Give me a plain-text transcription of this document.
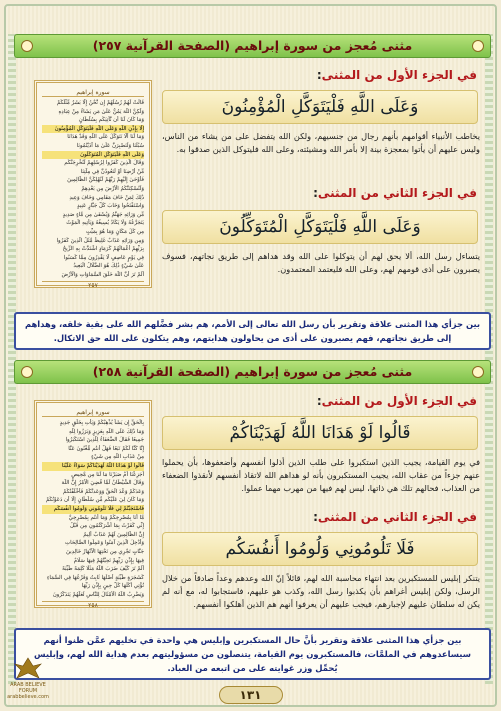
مثنى مُعجز من سورة إبراهيم (الصفحة القرآنية ٢٥٧)
سورة إبراهيم
قَالَتْ لَهُمْ رُسُلُهُمْ إِن نَّحْنُ إِلَّا بَشَرٌ مِّثْلُكُمْ
وَلَٰكِنَّ اللَّهَ يَمُنُّ عَلَىٰ مَن يَشَاءُ مِنْ عِبَادِهِ
وَمَا كَانَ لَنَا أَن نَّأْتِيَكُم بِسُلْطَانٍ
إِلَّا بِإِذْنِ اللَّهِ وَعَلَى اللَّهِ فَلْيَتَوَكَّلِ الْمُؤْمِنُونَ
وَمَا لَنَا أَلَّا نَتَوَكَّلَ عَلَى اللَّهِ وَقَدْ هَدَانَا
سُبُلَنَا وَلَنَصْبِرَنَّ عَلَىٰ مَا آذَيْتُمُونَا
وَعَلَى اللَّهِ فَلْيَتَوَكَّلِ الْمُتَوَكِّلُونَ
وَقَالَ الَّذِينَ كَفَرُوا لِرُسُلِهِمْ لَنُخْرِجَنَّكُم
مِّنْ أَرْضِنَا أَوْ لَتَعُودُنَّ فِي مِلَّتِنَا
فَأَوْحَىٰ إِلَيْهِمْ رَبُّهُمْ لَنُهْلِكَنَّ الظَّالِمِينَ
وَلَنُسْكِنَنَّكُمُ الْأَرْضَ مِن بَعْدِهِمْ
ذَٰلِكَ لِمَنْ خَافَ مَقَامِي وَخَافَ وَعِيدِ
وَاسْتَفْتَحُوا وَخَابَ كُلُّ جَبَّارٍ عَنِيدٍ
مِّن وَرَائِهِ جَهَنَّمُ وَيُسْقَىٰ مِن مَّاءٍ صَدِيدٍ
يَتَجَرَّعُهُ وَلَا يَكَادُ يُسِيغُهُ وَيَأْتِيهِ الْمَوْتُ
مِن كُلِّ مَكَانٍ وَمَا هُوَ بِمَيِّتٍ
وَمِن وَرَائِهِ عَذَابٌ غَلِيظٌ مَّثَلُ الَّذِينَ كَفَرُوا
بِرَبِّهِمْ أَعْمَالُهُمْ كَرَمَادٍ اشْتَدَّتْ بِهِ الرِّيحُ
فِي يَوْمٍ عَاصِفٍ لَّا يَقْدِرُونَ مِمَّا كَسَبُوا
عَلَىٰ شَيْءٍ ذَٰلِكَ هُوَ الضَّلَالُ الْبَعِيدُ
أَلَمْ تَرَ أَنَّ اللَّهَ خَلَقَ السَّمَاوَاتِ وَالْأَرْضَ
٢٥٧
في الجزء الأول من المثنى:
وَعَلَى اللَّهِ فَلْيَتَوَكَّلِ الْمُؤْمِنُونَ
يخاطب الأنبياء أقوامهم بأنهم رجال من جنسيهم، ولكن الله يتفضل على من يشاء من الناس، وليس عليهم أن يأتوا بمعجزة بينة إلا بأمر الله ومشيئته، وعلى الله فليتوكل الذين صدقوا به.
في الجزء الثاني من المثنى:
وَعَلَى اللَّهِ فَلْيَتَوَكَّلِ الْمُتَوَكِّلُونَ
يتساءل رسل الله، ألا يحق لهم أن يتوكلوا على الله وقد هداهم إلى طريق نجاتهم، فسوف يصبرون على أذى قومهم لهم، وعلى الله فليعتمد المعتمدون.
بين جزأي هذا المثنى علاقة وتقرير بأن رسل الله تعالى إلى الأمم، هم بشر فضَّلهم الله على بقية خلقه، وهداهم إلى طريق نجاتهم، فهم يصبرون على أذى من يحاولون هدايتهم، وهم يتكلون على الله حق الاتكال.
مثنى مُعجز من سورة إبراهيم (الصفحة القرآنية ٢٥٨)
سورة إبراهيم
بِالْحَقِّ إِن يَشَأْ يُذْهِبْكُمْ وَيَأْتِ بِخَلْقٍ جَدِيدٍ
وَمَا ذَٰلِكَ عَلَى اللَّهِ بِعَزِيزٍ وَبَرَزُوا لِلَّهِ
جَمِيعًا فَقَالَ الضُّعَفَاءُ لِلَّذِينَ اسْتَكْبَرُوا
إِنَّا كُنَّا لَكُمْ تَبَعًا فَهَلْ أَنتُم مُّغْنُونَ عَنَّا
مِنْ عَذَابِ اللَّهِ مِن شَيْءٍ
قَالُوا لَوْ هَدَانَا اللَّهُ لَهَدَيْنَاكُمْ سَوَاءٌ عَلَيْنَا
أَجَزِعْنَا أَمْ صَبَرْنَا مَا لَنَا مِن مَّحِيصٍ
وَقَالَ الشَّيْطَانُ لَمَّا قُضِيَ الْأَمْرُ إِنَّ اللَّهَ
وَعَدَكُمْ وَعْدَ الْحَقِّ وَوَعَدتُّكُمْ فَأَخْلَفْتُكُمْ
وَمَا كَانَ لِيَ عَلَيْكُم مِّن سُلْطَانٍ إِلَّا أَن دَعَوْتُكُمْ
فَاسْتَجَبْتُمْ لِي فَلَا تَلُومُونِي وَلُومُوا أَنفُسَكُم
مَّا أَنَا بِمُصْرِخِكُمْ وَمَا أَنتُم بِمُصْرِخِيَّ
إِنِّي كَفَرْتُ بِمَا أَشْرَكْتُمُونِ مِن قَبْلُ
إِنَّ الظَّالِمِينَ لَهُمْ عَذَابٌ أَلِيمٌ
وَأُدْخِلَ الَّذِينَ آمَنُوا وَعَمِلُوا الصَّالِحَاتِ
جَنَّاتٍ تَجْرِي مِن تَحْتِهَا الْأَنْهَارُ خَالِدِينَ
فِيهَا بِإِذْنِ رَبِّهِمْ تَحِيَّتُهُمْ فِيهَا سَلَامٌ
أَلَمْ تَرَ كَيْفَ ضَرَبَ اللَّهُ مَثَلًا كَلِمَةً طَيِّبَةً
كَشَجَرَةٍ طَيِّبَةٍ أَصْلُهَا ثَابِتٌ وَفَرْعُهَا فِي السَّمَاءِ
تُؤْتِي أُكُلَهَا كُلَّ حِينٍ بِإِذْنِ رَبِّهَا
وَيَضْرِبُ اللَّهُ الْأَمْثَالَ لِلنَّاسِ لَعَلَّهُمْ يَتَذَكَّرُونَ
٢٥٨
في الجزء الأول من المثنى:
قَالُوا لَوْ هَدَانَا اللَّهُ لَهَدَيْنَاكُمْ
في يوم القيامة، يجيب الذين استكبروا على طلب الذين أذلوا أنفسهم وأضعفوها، بأن يحملوا عنهم جزءاً من عقاب الله، يجيب المستكبرون بأنه لو هداهم الله لاتقاذ أنفسهم لأنقذوا الضعفاء من العذاب، فحالهم تلك هي ذاتها، ليس لهم فيها من مهرب مهما عملوا.
في الجزء الثاني من المثنى:
فَلَا تَلُومُونِي وَلُومُوا أَنفُسَكُم
يتنكر إبليس للمستكبرين بعد انتهاء محاسبة الله لهم، قائلاً إنّ الله وعدهم وعداً صادقاً من خلال الرسل، ولكن إبليس أغراهم بأن يكذبوا رسل الله، وكذب هو عليهم، فاستجابوا له، مع أنه لم يكن له سلطان عليهم لإجبارهم، فيجب عليهم أن يعرفوا أنهم هم الذين أهلكوا أنفسهم.
بين جزأي هذا المثنى علاقة وتقرير بأنَّ حال المستكبرين وإبليس هي واحدة في تخليهم عمَّن ظنوا أنهم سيساعدوهم في الملمَّات، فالمستكبرون يوم القيامة، يتنصلون من مسؤوليتهم بعدم هداية الله لهم، وإبليس يُحمِّل وزر غوايته على من اتبعه من العباد.
١٣١
ARAB BELIEVE FORUM
arabbelieve.com
